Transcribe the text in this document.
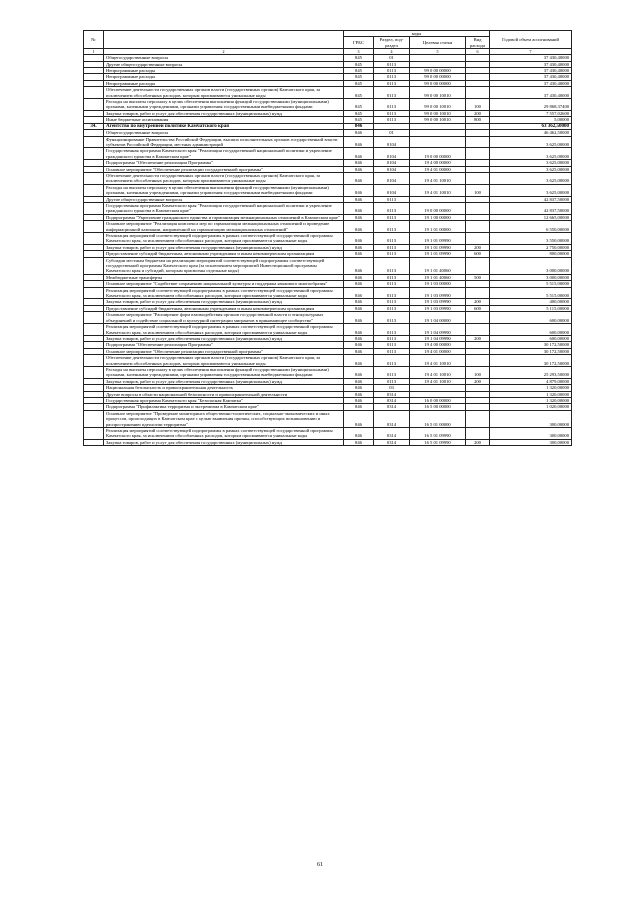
№		коды				Годовой объем ассигнований
		ГРБС	Раздел, под-раздел	Целевая статья	Вид расхода	
1	2	3	4	5	6	7
	Общегосударственные вопросы	845	01			37 430,40000
	Другие общегосударственные вопросы	845	0113			37 430,40000
	Непрограммные расходы	845	0113	99 0 00 00000		37 430,40000
	Непрограммные расходы	845	0113	99 0 00 00000		37 430,40000
	Непрограммные расходы	845	0113	99 0 00 00000		37 430,40000
	Обеспечение деятельности государственных органов власти (государственных органов) Камчатского края, за исключением обособленных расходов, которым присваиваются уникальные коды	845	0113	99 0 00 10010		37 430,40000
	Расходы на выплаты персоналу в целях обеспечения выполнения функций государственными (муниципальными) органами, казенными учреждениями, органами управления государственными внебюджетными фондами	845	0113	99 0 00 10010	100	29 868,37400
	Закупка товаров, работ и услуг для обеспечения государственных (муниципальных) нужд	845	0113	99 0 00 10010	200	7 557,02600
	Иные бюджетные ассигнования	845	0113	99 0 00 10010	800	5,00000
34.	Агентство по внутренней политике Камчатского края	846				63 362,50000
	Общегосударственные вопросы	846	01			46 462,50000
	Функционирование Правительства Российской Федерации, высших исполнительных органов государственной власти субъектов Российской Федерации, местных администраций	846	0104			3 625,00000
	Государственная программа Камчатского края "Реализация государственной национальной политики и укрепление гражданского единства в Камчатском крае"	846	0104	19 0 00 00000		3 625,00000
	Подпрограмма "Обеспечение реализации Программы"	846	0104	19 4 00 00000		3 625,00000
	Основное мероприятие "Обеспечение реализации государственной программы"	846	0104	19 4 01 00000		3 625,00000
	Обеспечение деятельности государственных органов власти (государственных органов) Камчатского края, за исключением обособленных расходов, которым присваиваются уникальные коды	846	0104	19 4 01 10010		3 625,00000
	Расходы на выплаты персоналу в целях обеспечения выполнения функций государственными (муниципальными) органами, казенными учреждениями, органами управления государственными внебюджетными фондами	846	0104	19 4 01 10010	100	3 625,00000
	Другие общегосударственные вопросы	846	0113			42 837,50000
	Государственная программа Камчатского края "Реализация государственной национальной политики и укрепление гражданского единства в Камчатском крае"	846	0113	19 0 00 00000		42 837,50000
	Подпрограмма "Укрепление гражданского единства и гармонизация межнациональных отношений в Камчатском крае"	846	0113	19 1 00 00000		12 665,00000
	Основное мероприятие "Реализация комплекса мер по гармонизации межнациональных отношений и проведение информационной кампании, направленной на гармонизацию межнациональных отношений"	846	0113	19 1 01 00000		6 550,00000
	Реализация мероприятий соответствующей подпрограммы в рамках соответствующей государственной программы Камчатского края, за исключением обособленных расходов, которым присваиваются уникальные коды	846	0113	19 1 01 09990		3 550,00000
	Закупка товаров, работ и услуг для обеспечения государственных (муниципальных) нужд	846	0113	19 1 01 09990	200	2 750,00000
	Предоставление субсидий бюджетным, автономным учреждениям и иным некоммерческим организациям	846	0113	19 1 01 09990	600	800,00000
	Субсидии местным бюджетам на реализацию мероприятий соответствующей подпрограммы соответствующей государственной программы Камчатского края (за исключением мероприятий Инвестиционной программы Камчатского края и субсидий, которым присвоены отдельные коды)	846	0113	19 1 01 40060		3 000,00000
	Межбюджетные трансферты	846	0113	19 1 01 40060	500	3 000,00000
	Основное мероприятие "Содействие сохранению национальной культуры и поддержка языкового многообразия"	846	0113	19 1 03 00000		5 515,00000
	Реализация мероприятий соответствующей подпрограммы в рамках соответствующей государственной программы Камчатского края, за исключением обособленных расходов, которым присваиваются уникальные коды	846	0113	19 1 03 09990		5 515,00000
	Закупка товаров, работ и услуг для обеспечения государственных (муниципальных) нужд	846	0113	19 1 03 09990	200	400,00000
	Предоставление субсидий бюджетным, автономным учреждениям и иным некоммерческим организациям	846	0113	19 1 03 09990	600	5 115,00000
	Основное мероприятие "Расширение форм взаимодействия органов государственной власти и этнокультурных объединений и содействие социальной и культурной интеграции мигрантов в принимающее сообщество"	846	0113	19 1 04 00000		600,00000
	Реализация мероприятий соответствующей подпрограммы в рамках соответствующей государственной программы Камчатского края, за исключением обособленных расходов, которым присваиваются уникальные коды	846	0113	19 1 04 09990		600,00000
	Закупка товаров, работ и услуг для обеспечения государственных (муниципальных) нужд	846	0113	19 1 04 09990	200	600,00000
	Подпрограмма "Обеспечение реализации Программы"	846	0113	19 4 00 00000		30 172,50000
	Основное мероприятие "Обеспечение реализации государственной программы"	846	0113	19 4 01 00000		30 172,50000
	Обеспечение деятельности государственных органов власти (государственных органов) Камчатского края, за исключением обособленных расходов, которым присваиваются уникальные коды	846	0113	19 4 01 10010		30 172,50000
	Расходы на выплаты персоналу в целях обеспечения выполнения функций государственными (муниципальными) органами, казенными учреждениями, органами управления государственными внебюджетными фондами	846	0113	19 4 01 10010	100	25 293,50000
	Закупка товаров, работ и услуг для обеспечения государственных (муниципальных) нужд	846	0113	19 4 01 10010	200	4 879,00000
	Национальная безопасность и правоохранительная деятельность	846	03			1 320,00000
	Другие вопросы в области национальной безопасности и правоохранительной деятельности	846	0314			1 320,00000
	Государственная программа Камчатского края "Безопасная Камчатка"	846	0314	16 0 00 00000		1 320,00000
	Подпрограмма "Профилактика терроризма и экстремизма в Камчатском крае"	846	0314	16 5 00 00000		1 020,00000
	Основное мероприятие "Проведение мониторинга общественно-политических, социально-экономических и иных процессов, происходящих в Камчатском крае с целью выявления причин, способствующих возникновению и распространению идеологии терроризма"	846	0314	16 5 01 00000		300,00000
	Реализация мероприятий соответствующей подпрограммы в рамках соответствующей государственной программы Камчатского края, за исключением обособленных расходов, которым присваиваются уникальные коды	846	0314	16 5 01 09990		300,00000
	Закупка товаров, работ и услуг для обеспечения государственных (муниципальных) нужд	846	0314	16 5 01 09990	200	300,00000
61
